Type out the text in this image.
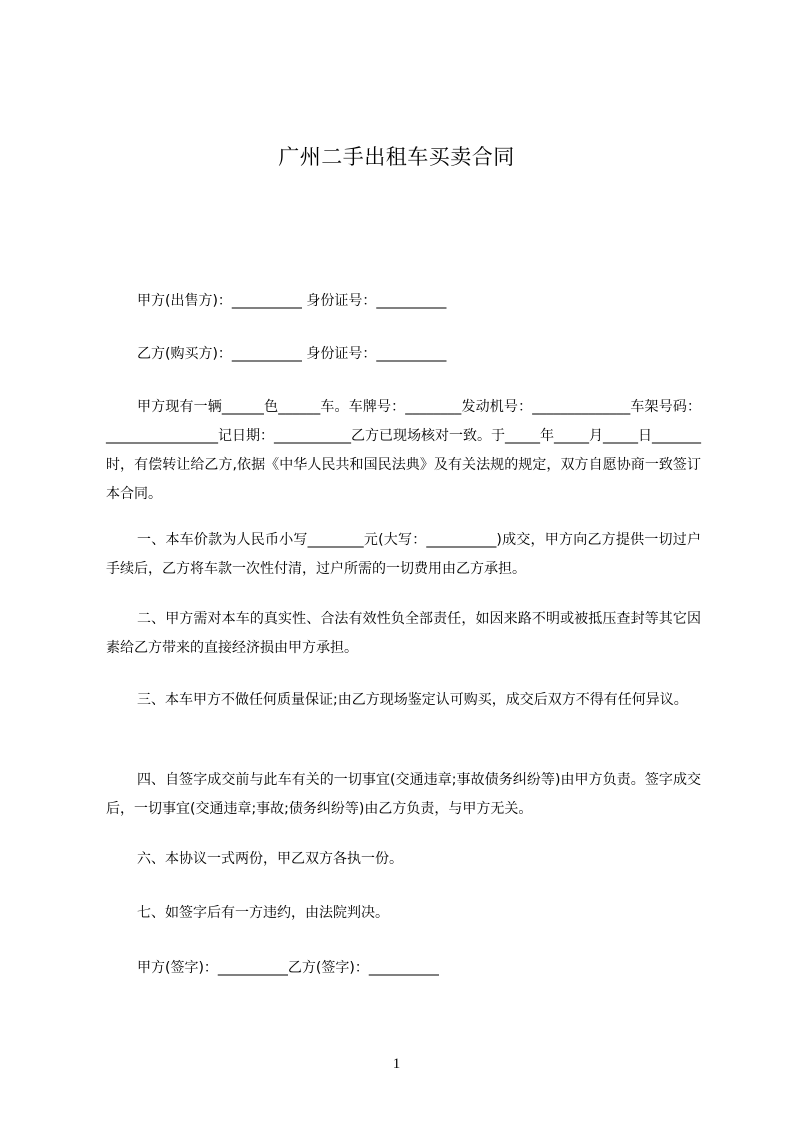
广州二手出租车买卖合同
甲方(出售方)：__________ 身份证号：__________
乙方(购买方)：__________ 身份证号：__________
甲方现有一辆______色______车。车牌号：________发动机号：______________车架号码：________________记日期：___________乙方已现场核对一致。于_____年_____月_____日_______时，有偿转让给乙方,依据《中华人民共和国民法典》及有关法规的规定，双方自愿协商一致签订本合同。
一、本车价款为人民币小写________元(大写：__________)成交，甲方向乙方提供一切过户手续后，乙方将车款一次性付清，过户所需的一切费用由乙方承担。
二、甲方需对本车的真实性、合法有效性负全部责任，如因来路不明或被抵压查封等其它因素给乙方带来的直接经济损由甲方承担。
三、本车甲方不做任何质量保证;由乙方现场鉴定认可购买，成交后双方不得有任何异议。
四、自签字成交前与此车有关的一切事宜(交通违章;事故债务纠纷等)由甲方负责。签字成交后，一切事宜(交通违章;事故;债务纠纷等)由乙方负责，与甲方无关。
六、本协议一式两份，甲乙双方各执一份。
七、如签字后有一方违约，由法院判决。
甲方(签字)：__________乙方(签字)：__________
1
